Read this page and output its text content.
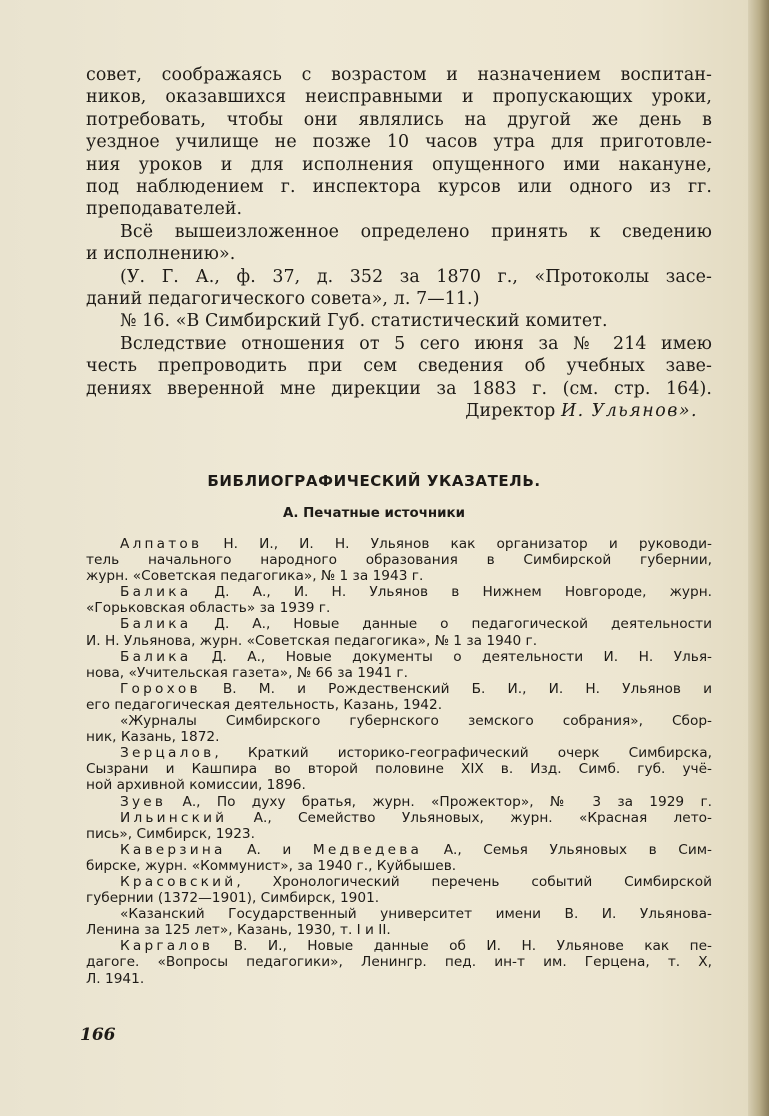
совет, соображаясь с возрастом и назначением воспитан-

ников, оказавшихся неисправными и пропускающих уроки,

потребовать, чтобы они являлись на другой же день в

уездное училище не позже 10 часов утра для приготовле-

ния уроков и для исполнения опущенного ими накануне,

под наблюдением г. инспектора курсов или одного из гг.

преподавателей.

Всё вышеизложенное определено принять к сведению

и исполнению».

(У. Г. А., ф. 37, д. 352 за 1870 г., «Протоколы засе-

даний педагогического совета», л. 7—11.)

№ 16. «В Симбирский Губ. статистический комитет.

Вследствие отношения от 5 сего июня за № 214 имею

честь препроводить при сем сведения об учебных заве-

дениях вверенной мне дирекции за 1883 г. (см. стр. 164).

Директор И. Ульянов».

БИБЛИОГРАФИЧЕСКИЙ УКАЗАТЕЛЬ.
А. Печатные источники

Алпатов Н. И., И. Н. Ульянов как организатор и руководи-

тель начального народного образования в Симбирской губернии,

журн. «Советская педагогика», № 1 за 1943 г.

Балика Д. А., И. Н. Ульянов в Нижнем Новгороде, журн.

«Горьковская область» за 1939 г.

Балика Д. А., Новые данные о педагогической деятельности

И. Н. Ульянова, журн. «Советская педагогика», № 1 за 1940 г.

Балика Д. А., Новые документы о деятельности И. Н. Улья-

нова, «Учительская газета», № 66 за 1941 г.

Горохов В. М. и Рождественский Б. И., И. Н. Ульянов и

его педагогическая деятельность, Казань, 1942.

«Журналы Симбирского губернского земского собрания», Сбор-

ник, Казань, 1872.

Зерцалов, Краткий историко-географический очерк Симбирска,

Сызрани и Кашпира во второй половине XIX в. Изд. Симб. губ. учё-

ной архивной комиссии, 1896.

Зуев А., По духу братья, журн. «Прожектор», № 3 за 1929 г.

Ильинский А., Семейство Ульяновых, журн. «Красная лето-

пись», Симбирск, 1923.

Каверзина А. и Медведева А., Семья Ульяновых в Сим-

бирске, журн. «Коммунист», за 1940 г., Куйбышев.

Красовский, Хронологический перечень событий Симбирской

губернии (1372—1901), Симбирск, 1901.

«Казанский Государственный университет имени В. И. Ульянова-

Ленина за 125 лет», Казань, 1930, т. I и II.

Каргалов В. И., Новые данные об И. Н. Ульянове как пе-

дагоге. «Вопросы педагогики», Ленингр. пед. ин-т им. Герцена, т. X,

Л. 1941.

166
